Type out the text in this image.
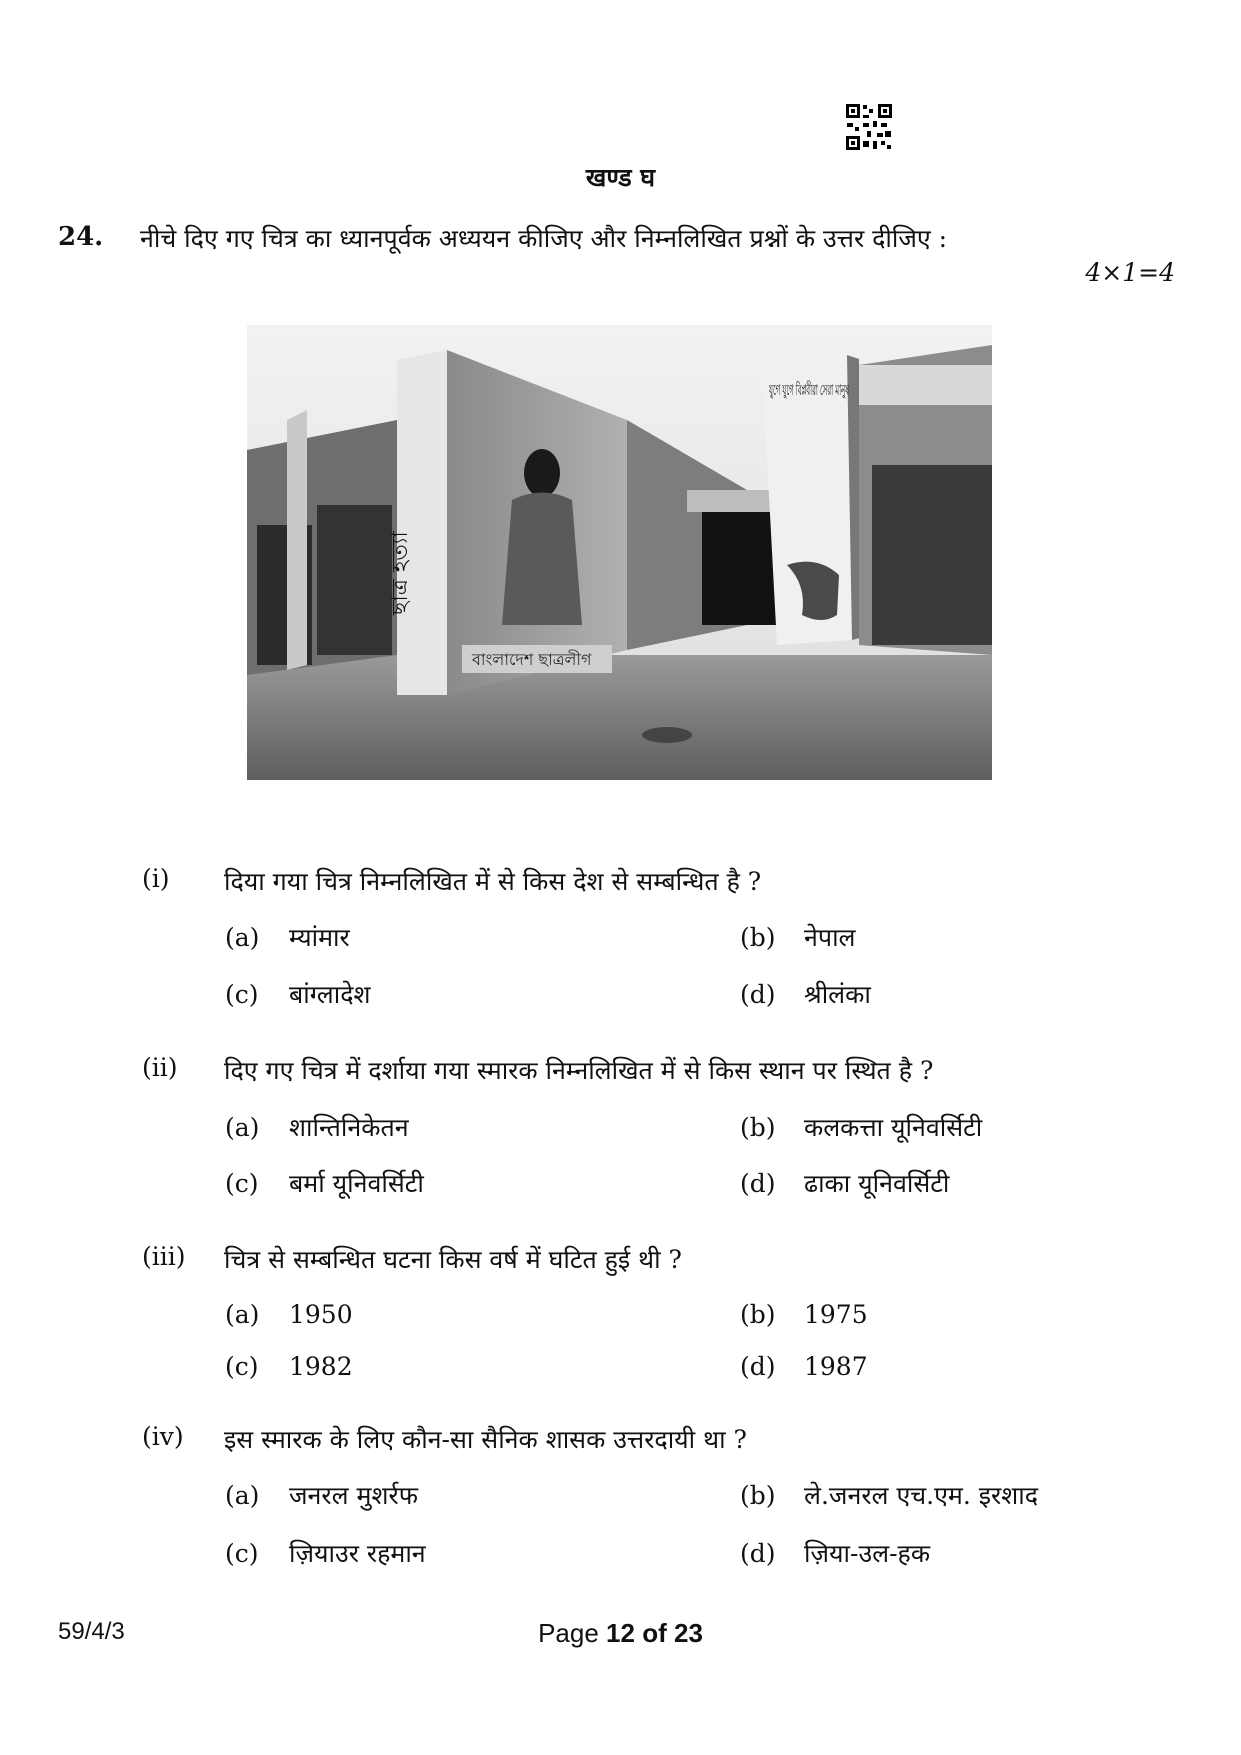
खण्ड घ
24. नीचे दिए गए चित्र का ध्यानपूर्वक अध्ययन कीजिए और निम्नलिखित प्रश्नों के उत्तर दीजिए :
4×1=4
বাংলাদেশ ছাত্রলীগ
ছাত্র হত্যা
যুগে যুগে বিপ্লবীরা সেরা মানুষ
(i) दिया गया चित्र निम्नलिखित में से किस देश से सम्बन्धित है ?
(a) म्यांमार	(b) नेपाल
(c) बांग्लादेश	(d) श्रीलंका
(ii) दिए गए चित्र में दर्शाया गया स्मारक निम्नलिखित में से किस स्थान पर स्थित है ?
(a) शान्तिनिकेतन	(b) कलकत्ता यूनिवर्सिटी
(c) बर्मा यूनिवर्सिटी	(d) ढाका यूनिवर्सिटी
(iii) चित्र से सम्बन्धित घटना किस वर्ष में घटित हुई थी ?
(a) 1950	(b) 1975
(c) 1982	(d) 1987
(iv) इस स्मारक के लिए कौन-सा सैनिक शासक उत्तरदायी था ?
(a) जनरल मुशर्रफ	(b) ले.जनरल एच.एम. इरशाद
(c) ज़ियाउर रहमान	(d) ज़िया-उल-हक
59/4/3	Page 12 of 23
